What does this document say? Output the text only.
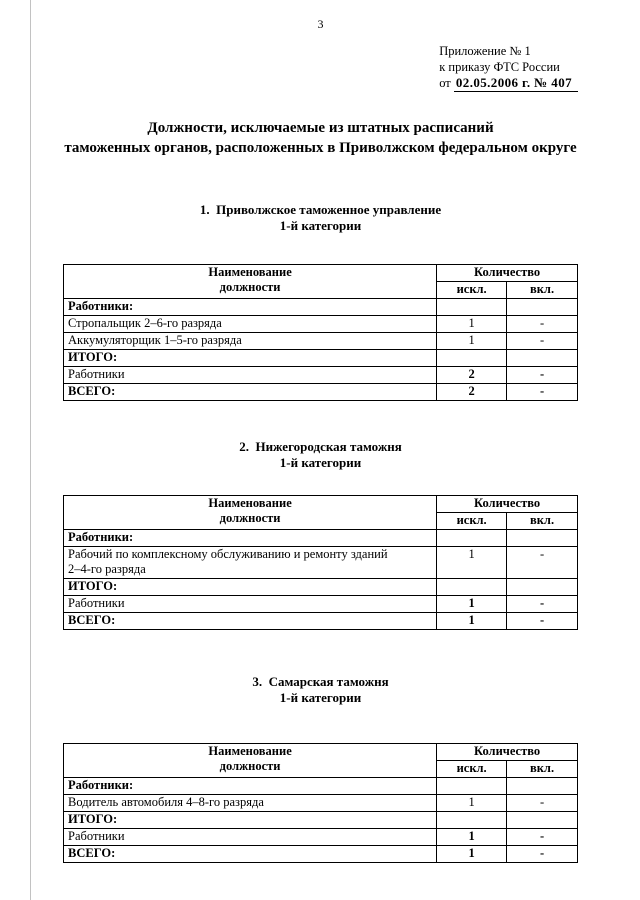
3
Приложение № 1
к приказу ФТС России
от 02.05.2006 г. № 407
Должности, исключаемые из штатных расписаний
таможенных органов, расположенных в Приволжском федеральном округе
1.  Приволжское таможенное управление
1-й категории
Наименование
должности	Количество	
	искл.	вкл.
Работники:		
Стропальщик 2–6-го разряда	1	-
Аккумуляторщик 1–5-го разряда	1	-
ИТОГО:		
Работники	2	-
ВСЕГО:	2	-
2.  Нижегородская таможня
1-й категории
Наименование
должности	Количество	
	искл.	вкл.
Работники:		
Рабочий по комплексному обслуживанию и ремонту зданий 2–4-го разряда	1	-
ИТОГО:		
Работники	1	-
ВСЕГО:	1	-
3.  Самарская таможня
1-й категории
Наименование
должности	Количество	
	искл.	вкл.
Работники:		
Водитель автомобиля 4–8-го разряда	1	-
ИТОГО:		
Работники	1	-
ВСЕГО:	1	-
